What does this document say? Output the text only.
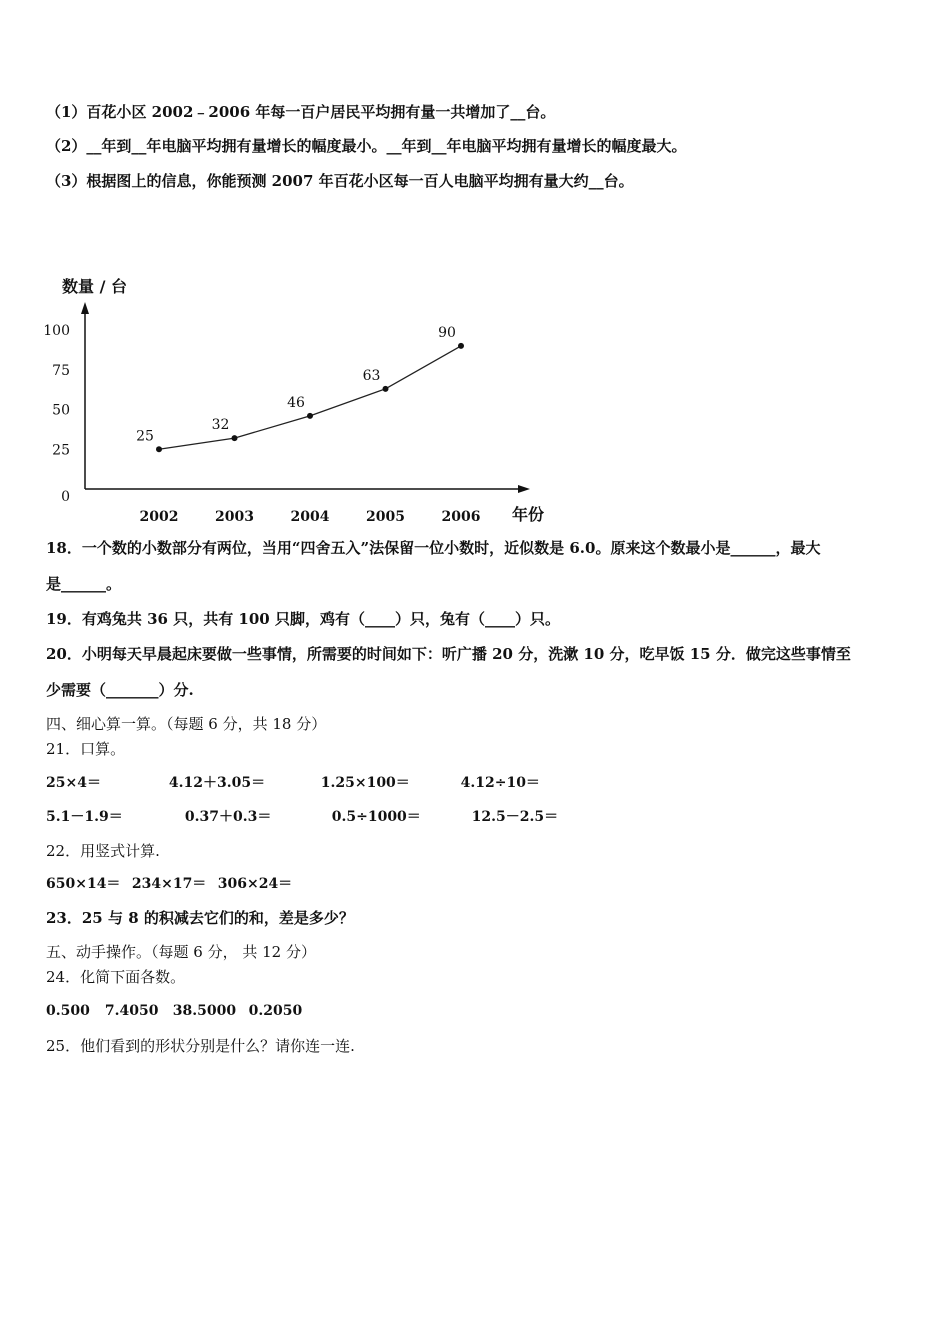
（1）百花小区 2002﹣2006 年每一百户居民平均拥有量一共增加了__台。
（2）__年到__年电脑平均拥有量增长的幅度最小。__年到__年电脑平均拥有量增长的幅度最大。
（3）根据图上的信息，你能预测 2007 年百花小区每一百人电脑平均拥有量大约__台。
数量 / 台
年份
0
25
50
75
100
2002	2003	2004	2005	2006
25
32
46
63
90
18．一个数的小数部分有两位，当用“四舍五入”法保留一位小数时，近似数是 6.0。原来这个数最小是______，最大
是______。
19．有鸡兔共 36 只，共有 100 只脚，鸡有（____）只，兔有（____）只。
20．小明每天早晨起床要做一些事情，所需要的时间如下：听广播 20 分，洗漱 10 分，吃早饭 15 分．做完这些事情至
少需要（_______）分.
四、细心算一算。（每题 6 分，共 18 分）
21．口算。
25×4＝	4.12＋3.05＝	1.25×100＝	4.12÷10＝
5.1－1.9＝	0.37＋0.3＝	0.5÷1000＝	12.5－2.5＝
22．用竖式计算.
650×14＝ 234×17＝ 306×24＝
23．25 与 8 的积减去它们的和，差是多少？
五、动手操作。（每题 6 分， 共 12 分）
24．化简下面各数。
0.500 7.4050 38.5000 0.2050
25．他们看到的形状分别是什么？请你连一连.
